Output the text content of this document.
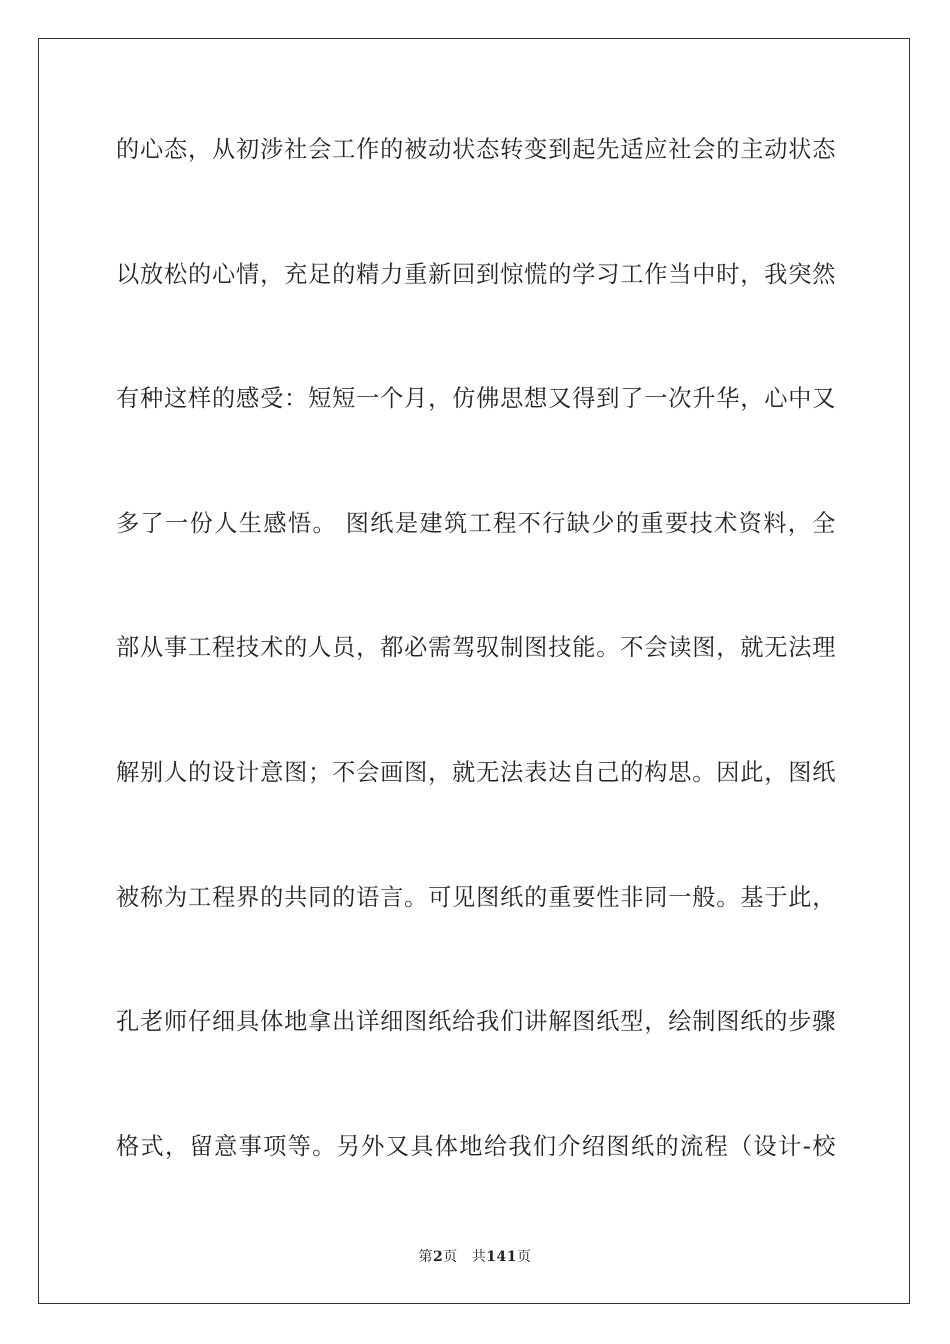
的心态，从初涉社会工作的被动状态转变到起先适应社会的主动状态
以放松的心情，充足的精力重新回到惊慌的学习工作当中时，我突然
有种这样的感受：短短一个月，仿佛思想又得到了一次升华，心中又
多了一份人生感悟。 图纸是建筑工程不行缺少的重要技术资料，全
部从事工程技术的人员，都必需驾驭制图技能。不会读图，就无法理
解别人的设计意图；不会画图，就无法表达自己的构思。因此，图纸
被称为工程界的共同的语言。可见图纸的重要性非同一般。基于此，
孔老师仔细具体地拿出详细图纸给我们讲解图纸型，绘制图纸的步骤
格式，留意事项等。另外又具体地给我们介绍图纸的流程（设计-校
第2页 共141页
